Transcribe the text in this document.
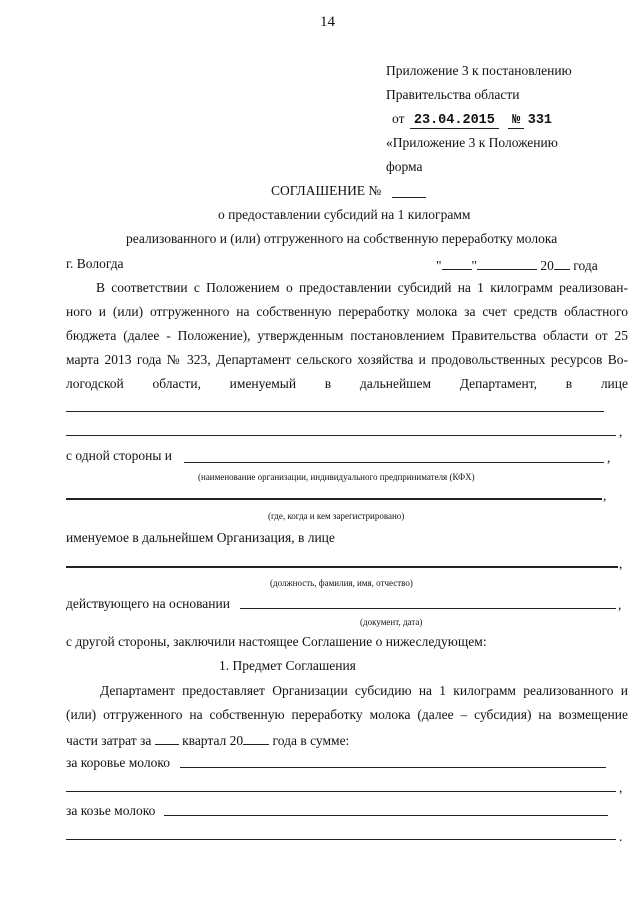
14
Приложение 3 к постановлению
Правительства области
от 23.04.2015 № 331
«Приложение 3 к Положению
форма
СОГЛАШЕНИЕ №
о предоставлении субсидий на 1 килограмм
реализованного и (или) отгруженного на собственную переработку молока
г. Вологда	" "	20 года
В соответствии с Положением о предоставлении субсидий на 1 килограмм реализован-
ного и (или) отгруженного на собственную переработку молока за счет средств областного
бюджета (далее - Положение), утвержденным постановлением Правительства области от 25
марта 2013 года № 323, Департамент сельского хозяйства и продовольственных ресурсов Во-
логодской области, именуемый в дальнейшем Департамент, в лице
,
с одной стороны и	,
(наименование организации, индивидуального предпринимателя (КФХ)
,
(где, когда и кем зарегистрировано)
именуемое в дальнейшем Организация, в лице
,
(должность, фамилия, имя, отчество)
действующего на основании	,
(документ, дата)
с другой стороны, заключили настоящее Соглашение о нижеследующем:
1. Предмет Соглашения
Департамент предоставляет Организации субсидию на 1 килограмм реализованного и
(или) отгруженного на собственную переработку молока (далее – субсидия) на возмещение
части затрат за квартал 20 года в сумме:
за коровье молоко
,
за козье молоко
.
